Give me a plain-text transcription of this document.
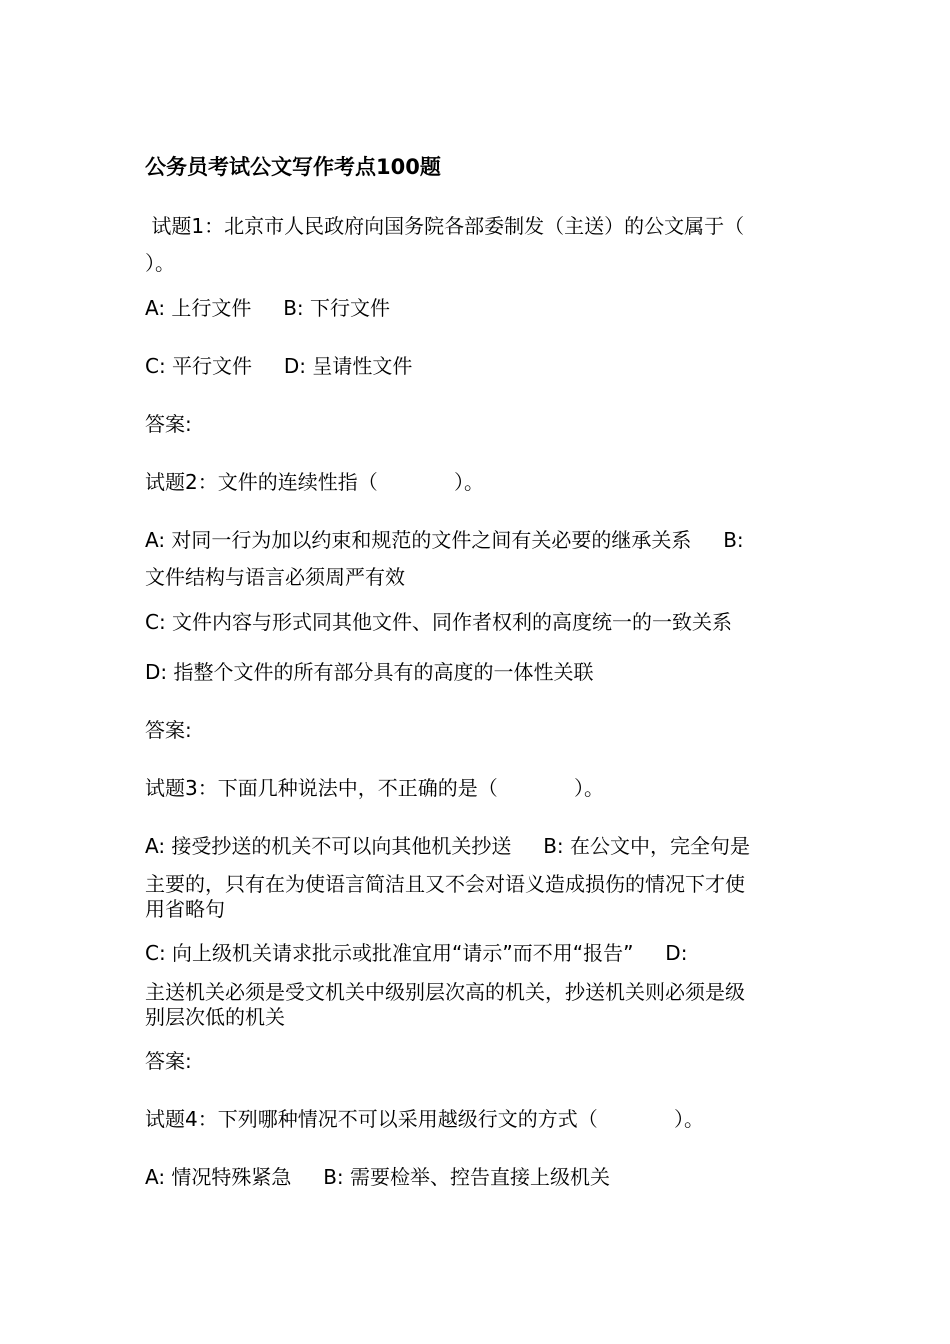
公务员考试公文写作考点100题
试题1：北京市人民政府向国务院各部委制发（主送）的公文属于（
）。
A: 上行文件     B: 下行文件
C: 平行文件     D: 呈请性文件
答案:
试题2：文件的连续性指（            ）。
A: 对同一行为加以约束和规范的文件之间有关必要的继承关系     B:
文件结构与语言必须周严有效
C: 文件内容与形式同其他文件、同作者权利的高度统一的一致关系
D: 指整个文件的所有部分具有的高度的一体性关联
答案:
试题3：下面几种说法中，不正确的是（            ）。
A: 接受抄送的机关不可以向其他机关抄送     B: 在公文中，完全句是
主要的，只有在为使语言简洁且又不会对语义造成损伤的情况下才使
用省略句
C: 向上级机关请求批示或批准宜用“请示”而不用“报告”     D:
主送机关必须是受文机关中级别层次高的机关，抄送机关则必须是级
别层次低的机关
答案:
试题4：下列哪种情况不可以采用越级行文的方式（            ）。
A: 情况特殊紧急     B: 需要检举、控告直接上级机关
